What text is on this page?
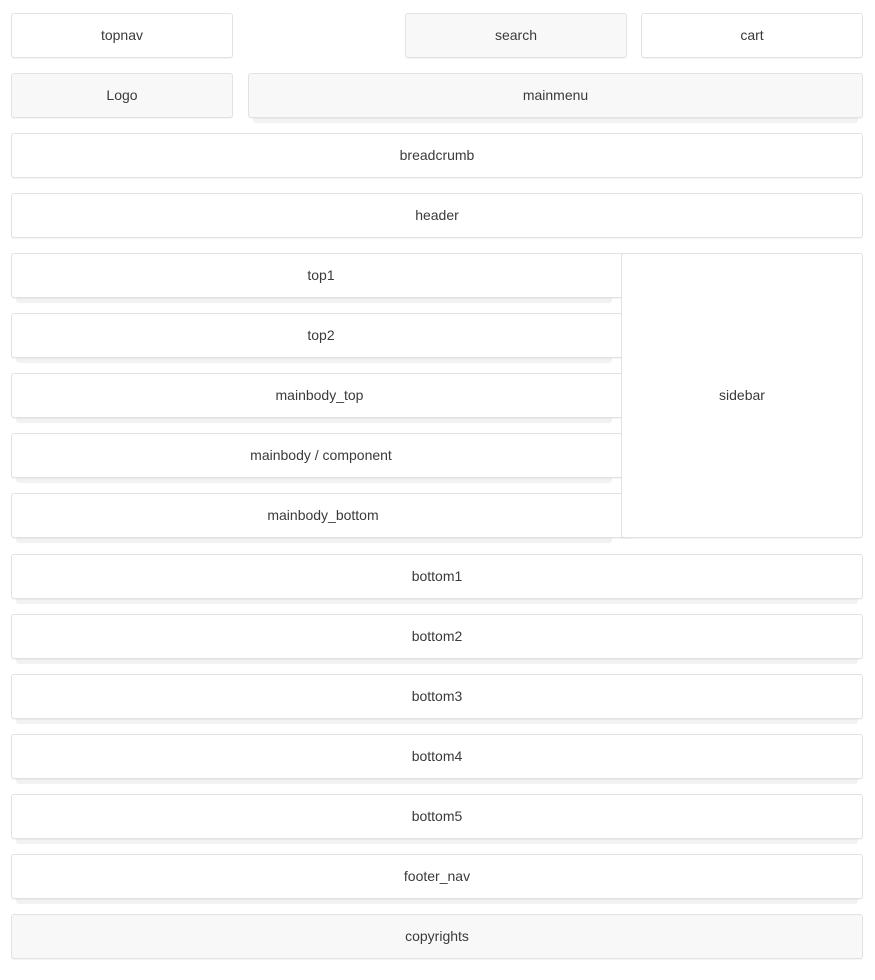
topnav	search	cart
Logo	mainmenu
breadcrumb
header
top1
top2
mainbody_top
mainbody / component
mainbody_bottom
sidebar
bottom1
bottom2
bottom3
bottom4
bottom5
footer_nav
copyrights
